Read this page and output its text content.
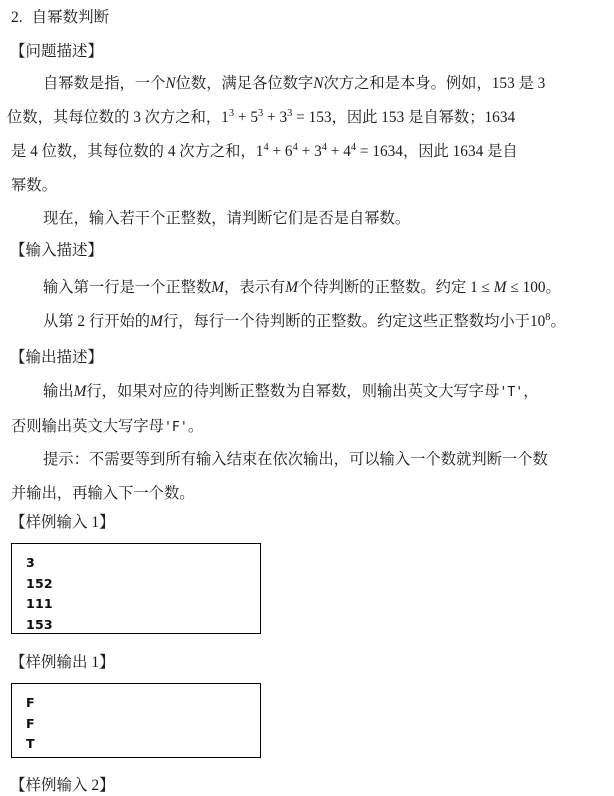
2. 自幂数判断
【问题描述】
自幂数是指，一个N位数，满足各位数字N次方之和是本身。例如，153 是 3
位数，其每位数的 3 次方之和，$1^3 + 5^3 + 3^3 = 153$，因此 153 是自幂数；1634
是 4 位数，其每位数的 4 次方之和，$1^4 + 6^4 + 3^4 + 4^4 = 1634$，因此 1634 是自
幂数。
现在，输入若干个正整数，请判断它们是否是自幂数。
【输入描述】
输入第一行是一个正整数M，表示有M个待判断的正整数。约定 1 ≤ M ≤ 100。
从第 2 行开始的M行，每行一个待判断的正整数。约定这些正整数均小于$10^8$。
【输出描述】
输出M行，如果对应的待判断正整数为自幂数，则输出英文大写字母'T'，
否则输出英文大写字母'F'。
提示：不需要等到所有输入结束在依次输出，可以输入一个数就判断一个数
并输出，再输入下一个数。
【样例输入 1】
3
152
111
153
【样例输出 1】
F
F
T
【样例输入 2】
